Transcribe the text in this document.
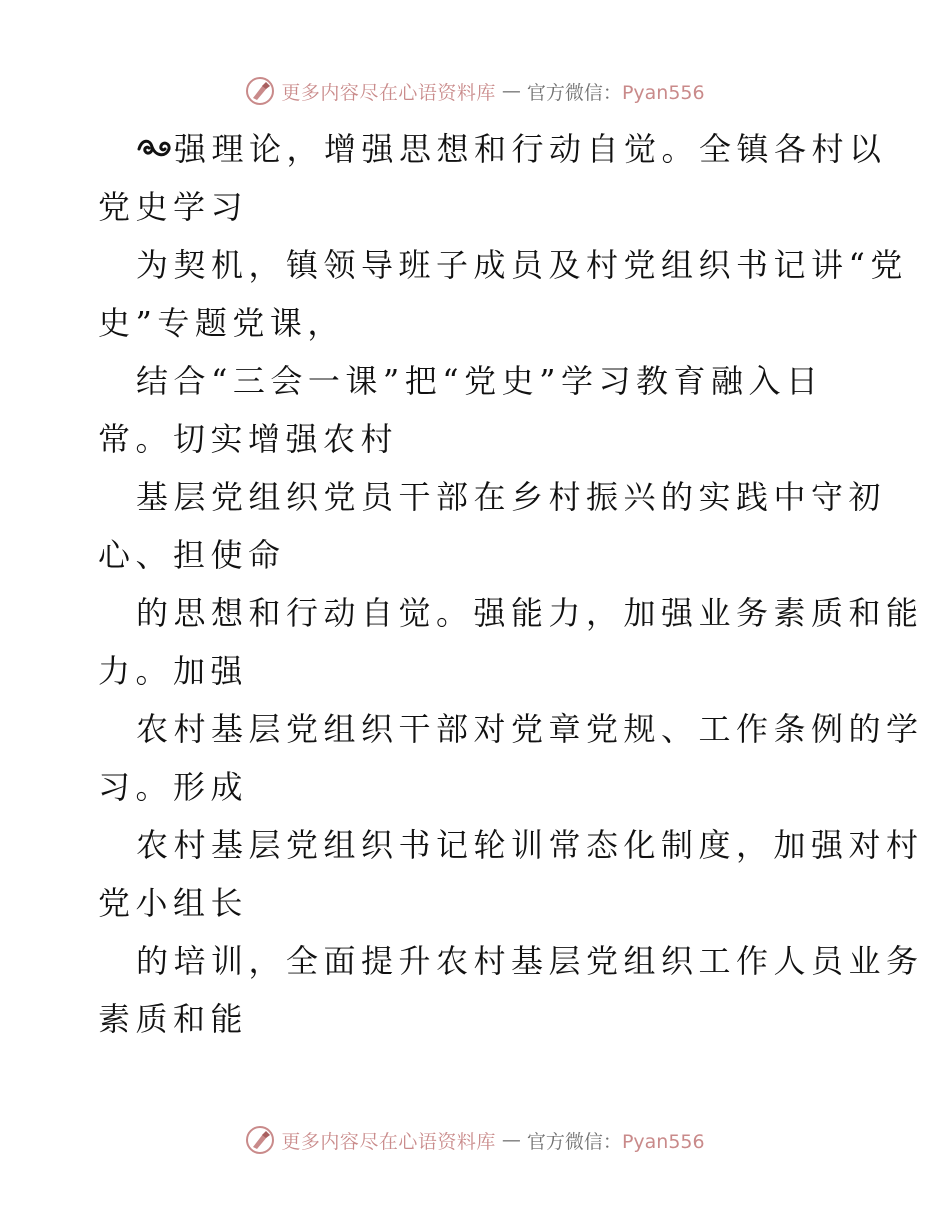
更多内容尽在心语资料库 — 官方微信：Pyan556

强理论，增强思想和行动自觉。全镇各村以
党史学习

为契机，镇领导班子成员及村党组织书记讲“党
史”专题党课，

结合“三会一课”把“党史”学习教育融入日
常。切实增强农村

基层党组织党员干部在乡村振兴的实践中守初
心、担使命

的思想和行动自觉。强能力，加强业务素质和能
力。加强

农村基层党组织干部对党章党规、工作条例的学
习。形成

农村基层党组织书记轮训常态化制度，加强对村
党小组长

的培训，全面提升农村基层党组织工作人员业务
素质和能

更多内容尽在心语资料库 — 官方微信：Pyan556
